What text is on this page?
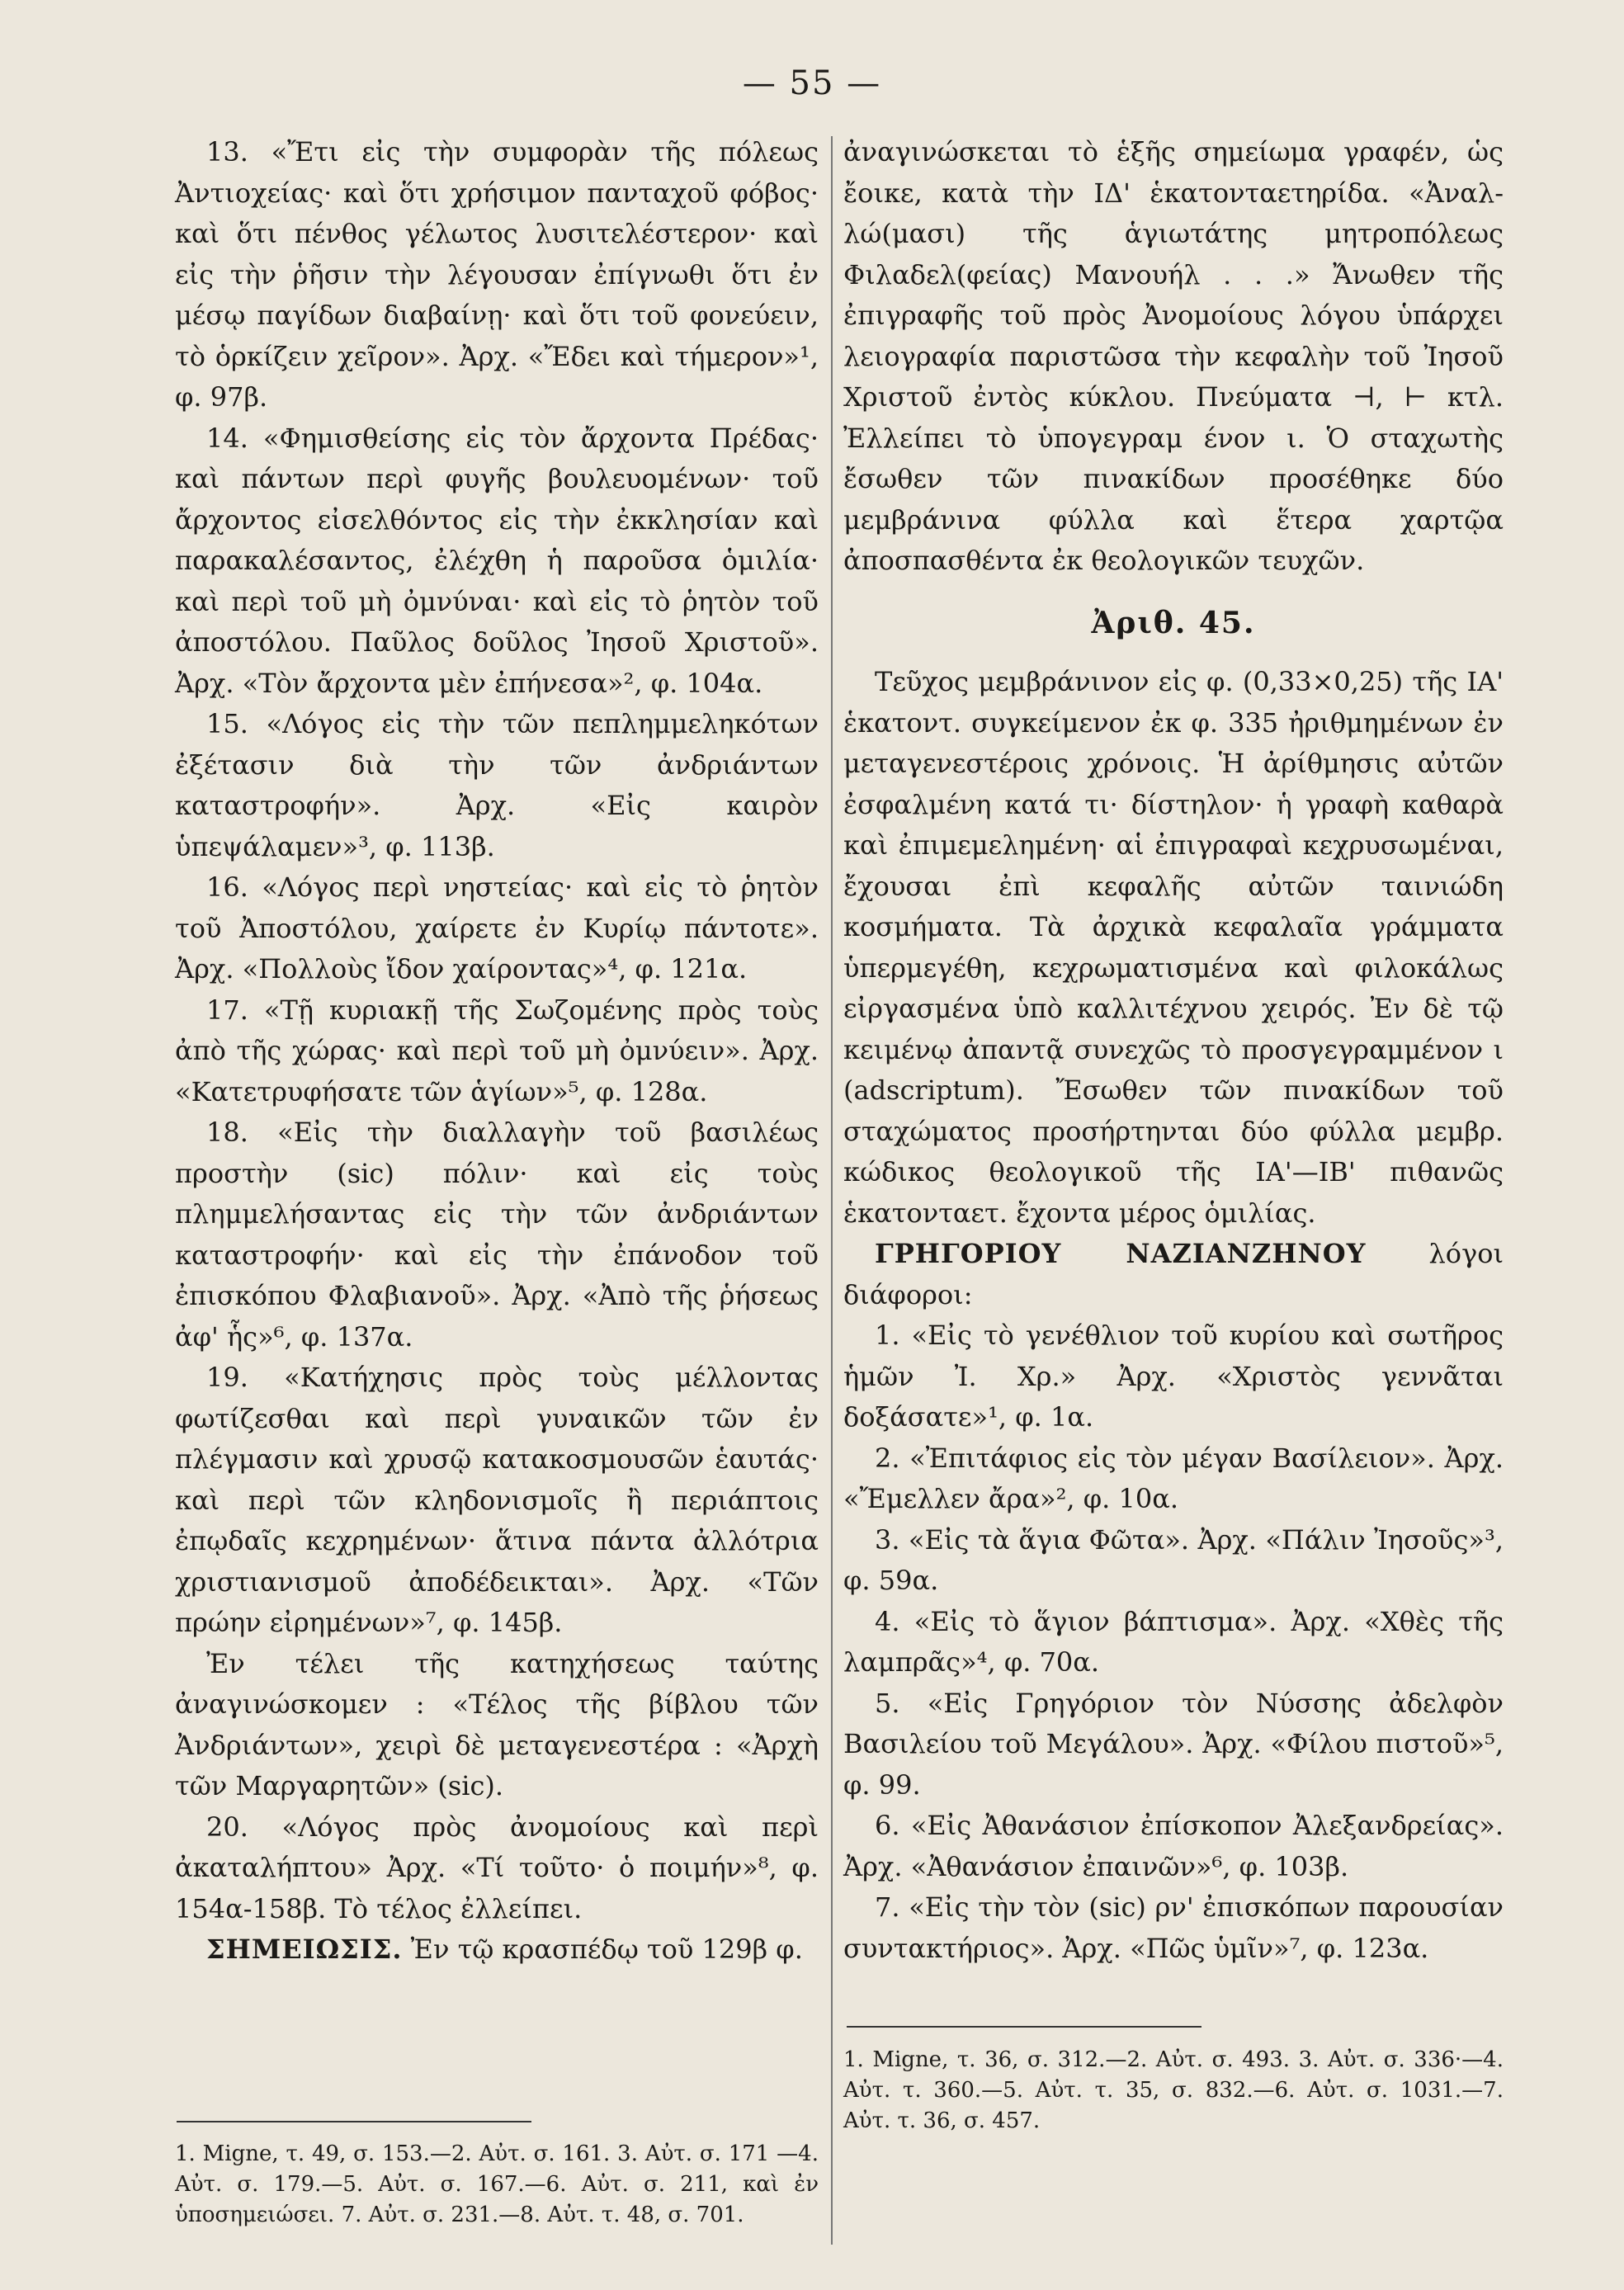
— 55 —

13. «Ἔτι εἰς τὴν συμφορὰν τῆς πόλεως Ἀντιοχείας· καὶ ὅτι χρήσιμον πανταχοῦ φόβος· καὶ ὅτι πένθος γέλωτος λυσιτελέστερον· καὶ εἰς τὴν ῥῆσιν τὴν λέγουσαν ἐπίγνωθι ὅτι ἐν μέσῳ παγίδων διαβαίνῃ· καὶ ὅτι τοῦ φονεύειν, τὸ ὁρκίζειν χεῖρον». Ἀρχ. «Ἔδει καὶ τήμερον»¹, φ. 97β.

14. «Φημισθείσης εἰς τὸν ἄρχοντα Πρέδας· καὶ πάντων περὶ φυγῆς βουλευομένων· τοῦ ἄρχοντος εἰσελθόντος εἰς τὴν ἐκκλησίαν καὶ παρακαλέσαντος, ἐλέχθη ἡ παροῦσα ὁμιλία· καὶ περὶ τοῦ μὴ ὀμνύναι· καὶ εἰς τὸ ῥητὸν τοῦ ἀποστόλου. Παῦλος δοῦλος Ἰησοῦ Χριστοῦ». Ἀρχ. «Τὸν ἄρχοντα μὲν ἐπήνεσα»², φ. 104α.

15. «Λόγος εἰς τὴν τῶν πεπλημμεληκότων ἐξέτασιν διὰ τὴν τῶν ἀνδριάντων καταστροφήν». Ἀρχ. «Εἰς καιρὸν ὑπεψάλαμεν»³, φ. 113β.

16. «Λόγος περὶ νηστείας· καὶ εἰς τὸ ῥητὸν τοῦ Ἀποστόλου, χαίρετε ἐν Κυρίῳ πάντοτε». Ἀρχ. «Πολλοὺς ἴδον χαίροντας»⁴, φ. 121α.

17. «Τῇ κυριακῇ τῆς Σωζομένης πρὸς τοὺς ἀπὸ τῆς χώρας· καὶ περὶ τοῦ μὴ ὀμνύειν». Ἀρχ. «Κατετρυφήσατε τῶν ἁγίων»⁵, φ. 128α.

18. «Εἰς τὴν διαλλαγὴν τοῦ βασιλέως προστὴν (sic) πόλιν· καὶ εἰς τοὺς πλημμελήσαντας εἰς τὴν τῶν ἀνδριάντων καταστροφήν· καὶ εἰς τὴν ἐπάνοδον τοῦ ἐπισκόπου Φλαβιανοῦ». Ἀρχ. «Ἀπὸ τῆς ῥήσεως ἀφ' ἧς»⁶, φ. 137α.

19. «Κατήχησις πρὸς τοὺς μέλλοντας φωτίζεσθαι καὶ περὶ γυναικῶν τῶν ἐν πλέγμασιν καὶ χρυσῷ κατακοσμουσῶν ἑαυτάς· καὶ περὶ τῶν κληδονισμοῖς ἢ περιάπτοις ἐπῳδαῖς κεχρημένων· ἅτινα πάντα ἀλλότρια χριστιανισμοῦ ἀποδέδεικται». Ἀρχ. «Τῶν πρώην εἰρημένων»⁷, φ. 145β.

Ἐν τέλει τῆς κατηχήσεως ταύτης ἀναγινώσκομεν : «Τέλος τῆς βίβλου τῶν Ἀνδριάντων», χειρὶ δὲ μεταγενεστέρα : «Ἀρχὴ τῶν Μαργαρητῶν» (sic).

20. «Λόγος πρὸς ἀνομοίους καὶ περὶ ἀκαταλήπτου» Ἀρχ. «Τί τοῦτο· ὁ ποιμήν»⁸, φ. 154α-158β. Τὸ τέλος ἐλλείπει.

ΣΗΜΕΙΩΣΙΣ. Ἐν τῷ κρασπέδῳ τοῦ 129β φ.

ἀναγινώσκεται τὸ ἑξῆς σημείωμα γραφέν, ὡς ἔοικε, κατὰ τὴν ΙΔ' ἑκατονταετηρίδα. «Ἀναλ-λώ(μασι) τῆς ἁγιωτάτης μητροπόλεως Φιλαδελ(φείας) Μανουήλ . . .» Ἄνωθεν τῆς ἐπιγραφῆς τοῦ πρὸς Ἀνομοίους λόγου ὑπάρχει λειογραφία παριστῶσα τὴν κεφαλὴν τοῦ Ἰησοῦ Χριστοῦ ἐντὸς κύκλου. Πνεύματα ⊣, ⊢ κτλ. Ἐλλείπει τὸ ὑπογεγραμ ένον ι. Ὁ σταχωτὴς ἔσωθεν τῶν πινακίδων προσέθηκε δύο μεμβράνινα φύλλα καὶ ἕτερα χαρτῷα ἀποσπασθέντα ἐκ θεολογικῶν τευχῶν.

Ἀριθ. 45.

Τεῦχος μεμβράνινον εἰς φ. (0,33×0,25) τῆς ΙΑ' ἑκατοντ. συγκείμενον ἐκ φ. 335 ἠριθμημένων ἐν μεταγενεστέροις χρόνοις. Ἡ ἀρίθμησις αὐτῶν ἐσφαλμένη κατά τι· δίστηλον· ἡ γραφὴ καθαρὰ καὶ ἐπιμεμελημένη· αἱ ἐπιγραφαὶ κεχρυσωμέναι, ἔχουσαι ἐπὶ κεφαλῆς αὐτῶν ταινιώδη κοσμήματα. Τὰ ἀρχικὰ κεφαλαῖα γράμματα ὑπερμεγέθη, κεχρωματισμένα καὶ φιλοκάλως εἰργασμένα ὑπὸ καλλιτέχνου χειρός. Ἐν δὲ τῷ κειμένῳ ἀπαντᾷ συνεχῶς τὸ προσγεγραμμένον ι (adscriptum). Ἔσωθεν τῶν πινακίδων τοῦ σταχώματος προσήρτηνται δύο φύλλα μεμβρ. κώδικος θεολογικοῦ τῆς ΙΑ'—ΙΒ' πιθανῶς ἑκατονταετ. ἔχοντα μέρος ὁμιλίας.

ΓΡΗΓΟΡΙΟΥ ΝΑΖΙΑΝΖΗΝΟΥ λόγοι διάφοροι:

1. «Εἰς τὸ γενέθλιον τοῦ κυρίου καὶ σωτῆρος ἡμῶν Ἰ. Χρ.» Ἀρχ. «Χριστὸς γεννᾶται δοξάσατε»¹, φ. 1α.

2. «Ἐπιτάφιος εἰς τὸν μέγαν Βασίλειον». Ἀρχ. «Ἔμελλεν ἄρα»², φ. 10α.

3. «Εἰς τὰ ἅγια Φῶτα». Ἀρχ. «Πάλιν Ἰησοῦς»³, φ. 59α.

4. «Εἰς τὸ ἅγιον βάπτισμα». Ἀρχ. «Χθὲς τῆς λαμπρᾶς»⁴, φ. 70α.

5. «Εἰς Γρηγόριον τὸν Νύσσης ἀδελφὸν Βασιλείου τοῦ Μεγάλου». Ἀρχ. «Φίλου πιστοῦ»⁵, φ. 99.

6. «Εἰς Ἀθανάσιον ἐπίσκοπον Ἀλεξανδρείας». Ἀρχ. «Ἀθανάσιον ἐπαινῶν»⁶, φ. 103β.

7. «Εἰς τὴν τὸν (sic) ρν' ἐπισκόπων παρουσίαν συντακτήριος». Ἀρχ. «Πῶς ὑμῖν»⁷, φ. 123α.

1. Migne, τ. 49, σ. 153.—2. Αὐτ. σ. 161. 3. Αὐτ. σ. 171 —4. Αὐτ. σ. 179.—5. Αὐτ. σ. 167.—6. Αὐτ. σ. 211, καὶ ἐν ὑποσημειώσει. 7. Αὐτ. σ. 231.—8. Αὐτ. τ. 48, σ. 701.

1. Migne, τ. 36, σ. 312.—2. Αὐτ. σ. 493. 3. Αὐτ. σ. 336·—4. Αὐτ. τ. 360.—5. Αὐτ. τ. 35, σ. 832.—6. Αὐτ. σ. 1031.—7. Αὐτ. τ. 36, σ. 457.
